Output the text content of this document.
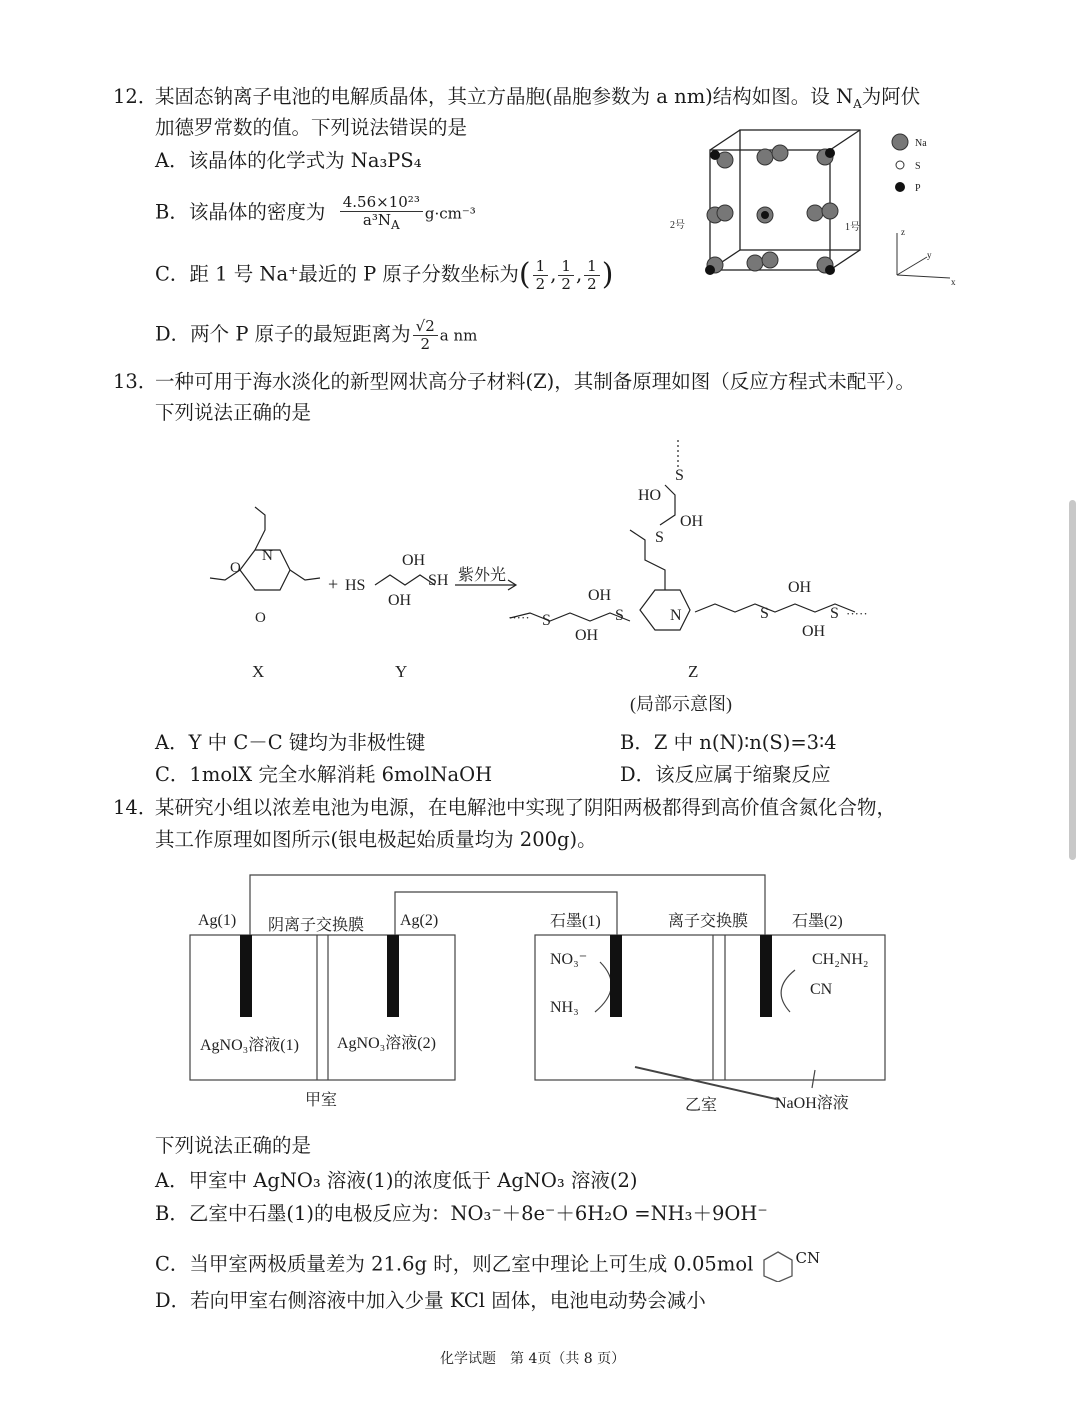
12．
某固态钠离子电池的电解质晶体，其立方晶胞(晶胞参数为 a nm)结构如图。设 $N_A$为阿伏
加德罗常数的值。下列说法错误的是
A．该晶体的化学式为 Na₃PS₄
B．该晶体的密度为 $\frac{\text{4.56×10²³}}{a^3N_A} g\cdot cm^{-3}$
C．距 1 号 Na⁺最近的 P 原子分数坐标为( $\frac{1}{2}$ , $\frac{1}{2}$ , $\frac{1}{2}$ )
D．两个 P 原子的最短距离为 $\frac{√2}{2}$ a nm
2号	1号
Na
S
P
z
y
x
13．
一种可用于海水淡化的新型网状高分子材料(Z)，其制备原理如图（反应方程式未配平）。
下列说法正确的是
O
N
O
+ HS	SH
OH
OH
紫外光
····· S
OH
OH
S	N	S
OH
OH
S ·····
HO
OH
S
S
X	Y	Z
(局部示意图)
A．Y 中 C－C 键均为非极性键	B．Z 中 n(N)∶n(S)=3∶4
C．1molX 完全水解消耗 6molNaOH	D．该反应属于缩聚反应
14．
某研究小组以浓差电池为电源，在电解池中实现了阴阳两极都得到高价值含氮化合物，
其工作原理如图所示(银电极起始质量均为 200g)。
Ag(1) 阴离子交换膜 Ag(2)
AgNO₃溶液(1) AgNO₃溶液(2)
甲室
石墨(1)	离子交换膜	石墨(2)
NO₃⁻
NH₃
CH₂NH₂
CN
乙室	NaOH溶液
下列说法正确的是
A．甲室中 AgNO₃ 溶液(1)的浓度低于 AgNO₃ 溶液(2)
B．乙室中石墨(1)的电极反应为：NO₃⁻＋8e⁻＋6H₂O =NH₃＋9OH⁻
C．当甲室两极质量差为 21.6g 时，则乙室中理论上可生成 0.05mol	$^{CN}$
D．若向甲室右侧溶液中加入少量 KCl 固体，电池电动势会减小
化学试题　第 4页（共 8 页）
